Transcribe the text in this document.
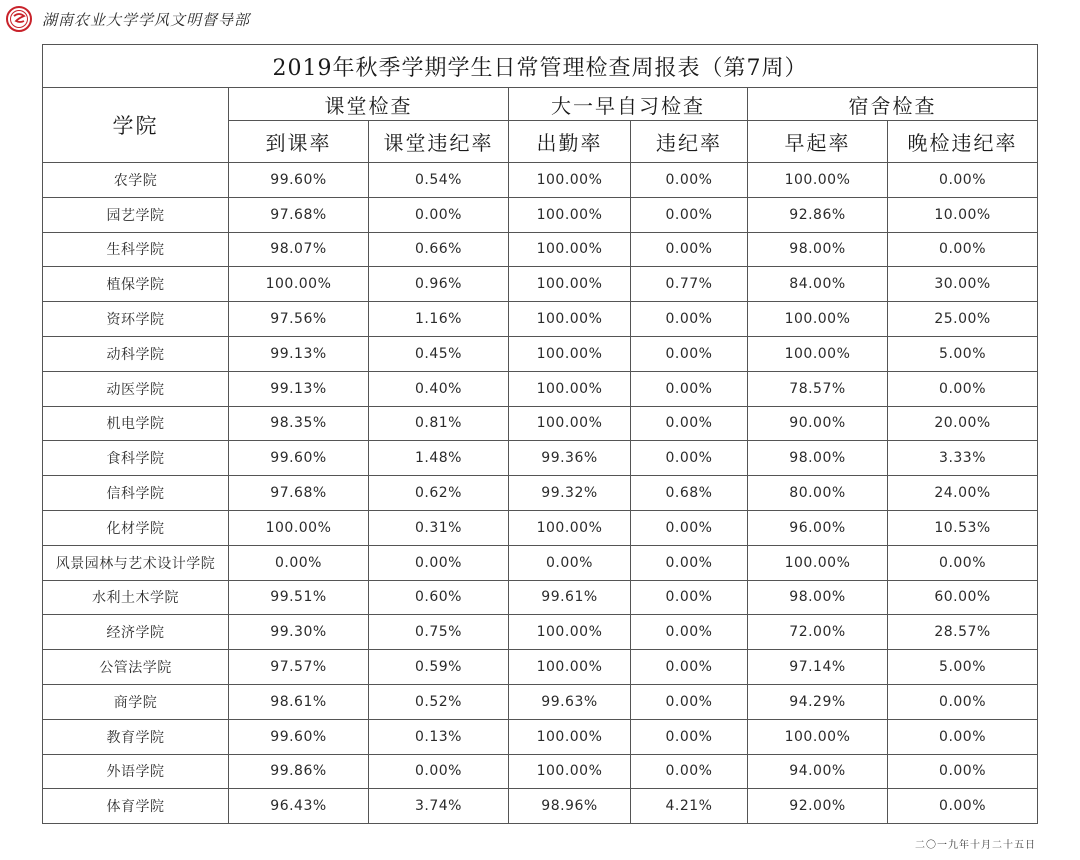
湖南农业大学学风文明督导部
2019年秋季学期学生日常管理检查周报表（第7周）						
学院	课堂检查		大一早自习检查		宿舍检查	
	到课率	课堂违纪率	出勤率	违纪率	早起率	晚检违纪率
农学院	99.60%	0.54%	100.00%	0.00%	100.00%	0.00%
园艺学院	97.68%	0.00%	100.00%	0.00%	92.86%	10.00%
生科学院	98.07%	0.66%	100.00%	0.00%	98.00%	0.00%
植保学院	100.00%	0.96%	100.00%	0.77%	84.00%	30.00%
资环学院	97.56%	1.16%	100.00%	0.00%	100.00%	25.00%
动科学院	99.13%	0.45%	100.00%	0.00%	100.00%	5.00%
动医学院	99.13%	0.40%	100.00%	0.00%	78.57%	0.00%
机电学院	98.35%	0.81%	100.00%	0.00%	90.00%	20.00%
食科学院	99.60%	1.48%	99.36%	0.00%	98.00%	3.33%
信科学院	97.68%	0.62%	99.32%	0.68%	80.00%	24.00%
化材学院	100.00%	0.31%	100.00%	0.00%	96.00%	10.53%
风景园林与艺术设计学院	0.00%	0.00%	0.00%	0.00%	100.00%	0.00%
水利土木学院	99.51%	0.60%	99.61%	0.00%	98.00%	60.00%
经济学院	99.30%	0.75%	100.00%	0.00%	72.00%	28.57%
公管法学院	97.57%	0.59%	100.00%	0.00%	97.14%	5.00%
商学院	98.61%	0.52%	99.63%	0.00%	94.29%	0.00%
教育学院	99.60%	0.13%	100.00%	0.00%	100.00%	0.00%
外语学院	99.86%	0.00%	100.00%	0.00%	94.00%	0.00%
体育学院	96.43%	3.74%	98.96%	4.21%	92.00%	0.00%
二〇一九年十月二十五日
